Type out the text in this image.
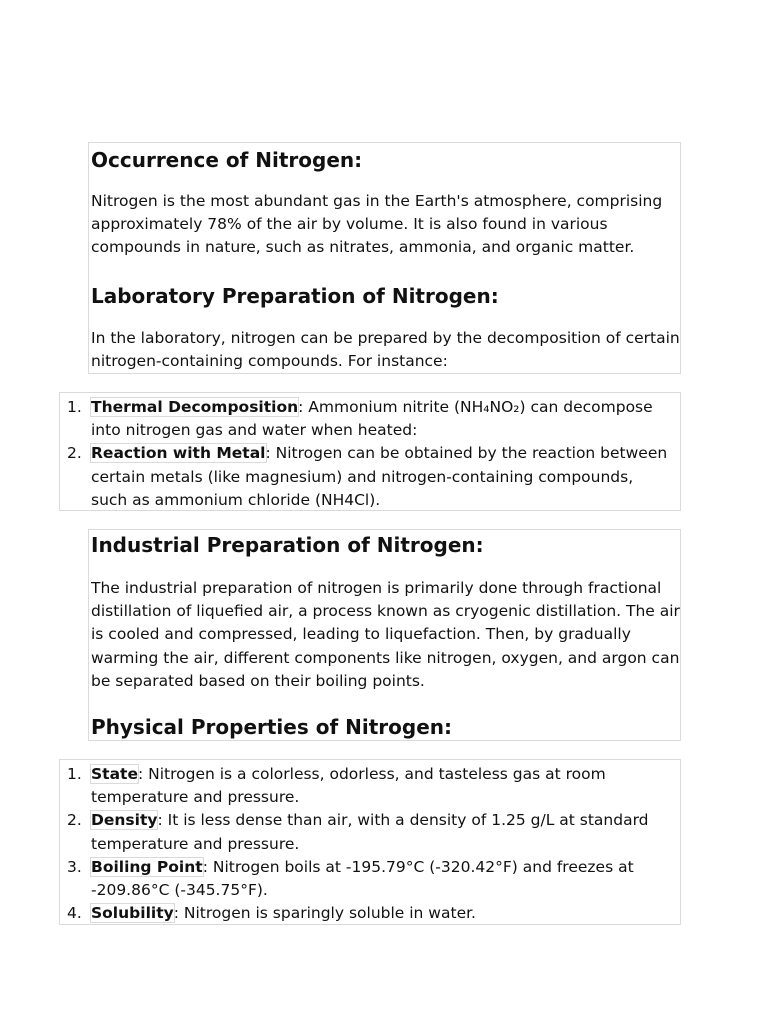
Occurrence of Nitrogen:

Nitrogen is the most abundant gas in the Earth's atmosphere, comprising approximately 78% of the air by volume. It is also found in various compounds in nature, such as nitrates, ammonia, and organic matter.

Laboratory Preparation of Nitrogen:

In the laboratory, nitrogen can be prepared by the decomposition of certain nitrogen-containing compounds. For instance:

1. Thermal Decomposition: Ammonium nitrite (NH₄NO₂) can decompose into nitrogen gas and water when heated:
2. Reaction with Metal: Nitrogen can be obtained by the reaction between certain metals (like magnesium) and nitrogen-containing compounds, such as ammonium chloride (NH4Cl).
Industrial Preparation of Nitrogen:

The industrial preparation of nitrogen is primarily done through fractional distillation of liquefied air, a process known as cryogenic distillation. The air is cooled and compressed, leading to liquefaction. Then, by gradually warming the air, different components like nitrogen, oxygen, and argon can be separated based on their boiling points.

Physical Properties of Nitrogen:
1. State: Nitrogen is a colorless, odorless, and tasteless gas at room temperature and pressure.
2. Density: It is less dense than air, with a density of 1.25 g/L at standard temperature and pressure.
3. Boiling Point: Nitrogen boils at -195.79°C (-320.42°F) and freezes at -209.86°C (-345.75°F).
4. Solubility: Nitrogen is sparingly soluble in water.
